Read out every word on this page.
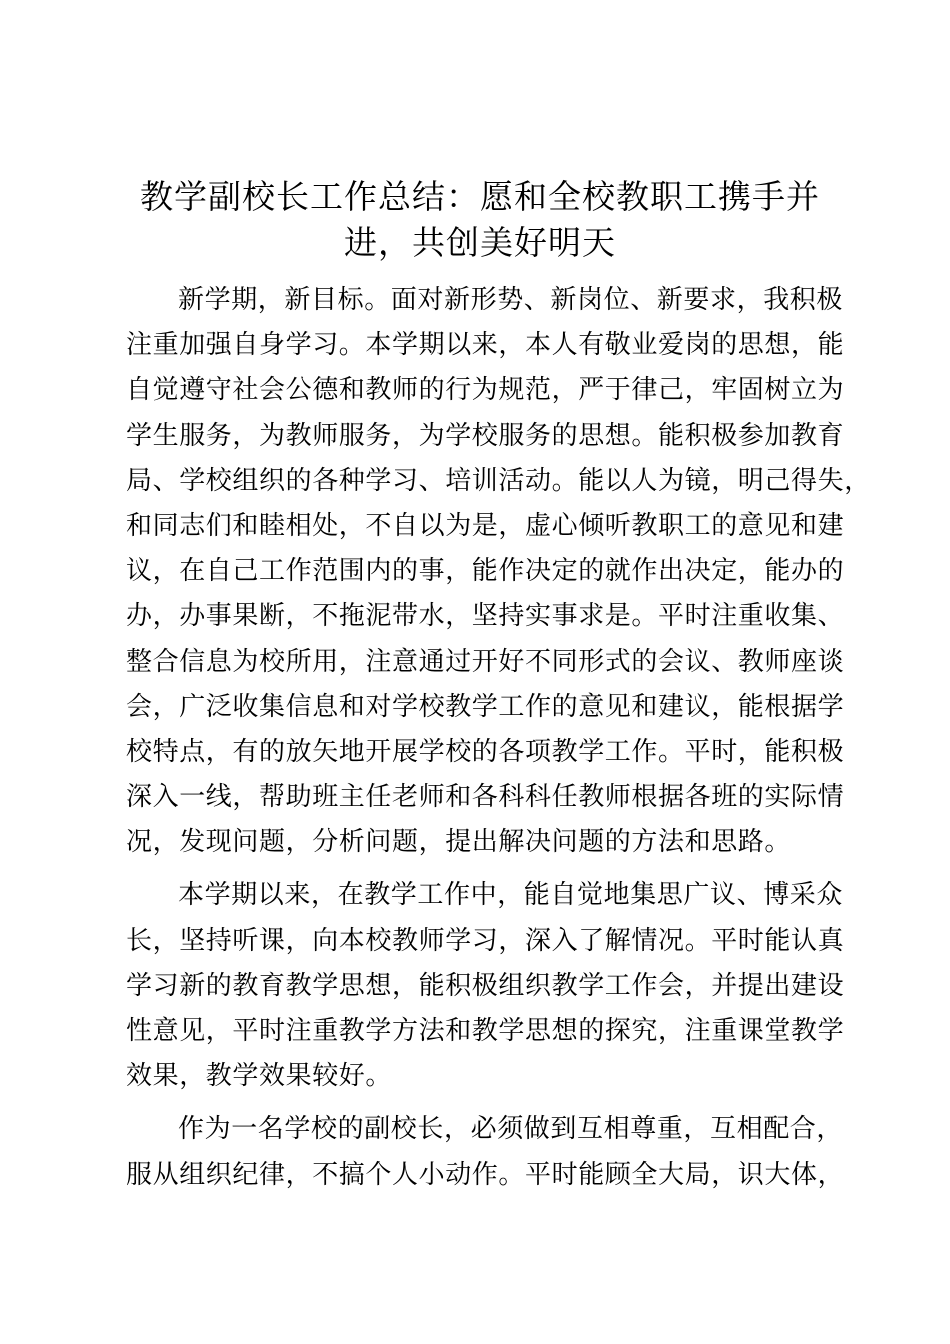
教学副校长工作总结：愿和全校教职工携手并
进，共创美好明天
新学期，新目标。面对新形势、新岗位、新要求，我积极
注重加强自身学习。本学期以来，本人有敬业爱岗的思想，能
自觉遵守社会公德和教师的行为规范，严于律己，牢固树立为
学生服务，为教师服务，为学校服务的思想。能积极参加教育
局、学校组织的各种学习、培训活动。能以人为镜，明己得失，
和同志们和睦相处，不自以为是，虚心倾听教职工的意见和建
议，在自己工作范围内的事，能作决定的就作出决定，能办的
办，办事果断，不拖泥带水，坚持实事求是。平时注重收集、
整合信息为校所用，注意通过开好不同形式的会议、教师座谈
会，广泛收集信息和对学校教学工作的意见和建议，能根据学
校特点，有的放矢地开展学校的各项教学工作。平时，能积极
深入一线，帮助班主任老师和各科科任教师根据各班的实际情
况，发现问题，分析问题，提出解决问题的方法和思路。
本学期以来，在教学工作中，能自觉地集思广议、博采众
长，坚持听课，向本校教师学习，深入了解情况。平时能认真
学习新的教育教学思想，能积极组织教学工作会，并提出建设
性意见，平时注重教学方法和教学思想的探究，注重课堂教学
效果，教学效果较好。
作为一名学校的副校长，必须做到互相尊重，互相配合，
服从组织纪律，不搞个人小动作。平时能顾全大局，识大体，
